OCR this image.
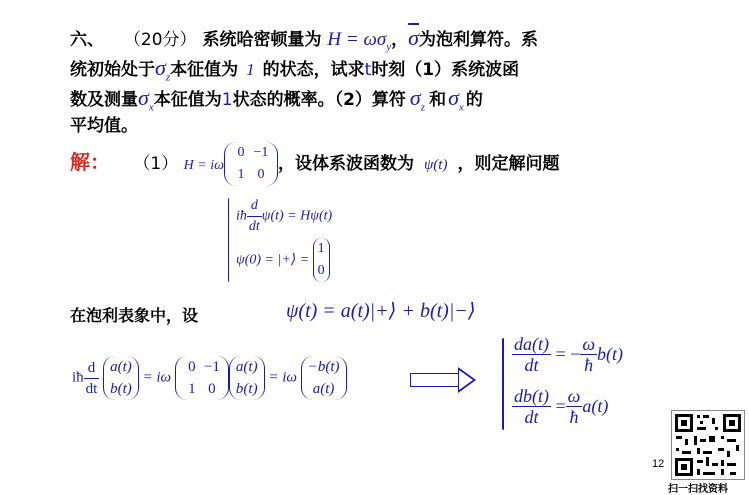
六、 （20分） 系统哈密顿量为 $H = \omega\sigma_y$，$\overline{\sigma}$为泡利算符。系
统初始处于$\sigma_z$本征值为 1 的状态，试求t时刻（1）系统波函
数及测量$\sigma_x$本征值为1状态的概率。（2）算符 $\sigma_z$ 和$\sigma_x$ 的
平均值。
解： （1） H = iω
0 −1
1 0
，设体系波函数为 ψ(t) ，则定解问题
iħ $\frac{d}{dt} \psi(t) = H\psi(t)$
ψ(0) = |+⟩ =
1
0
在泡利表象中，设	ψ(t) = a(t)|+⟩ + b(t)|−⟩
iħ $\frac{d}{dt}$
a(t)
b(t)
= iω
0 −1
1 0
a(t)
b(t)
= iω
−b(t)
a(t)
$\frac{da(t)}{dt}$ = − $\frac{\omega}{ħ} b(t)$
$\frac{db(t)}{dt} = \frac{\omega}{ħ} a(t)$
12
扫一扫找资料
